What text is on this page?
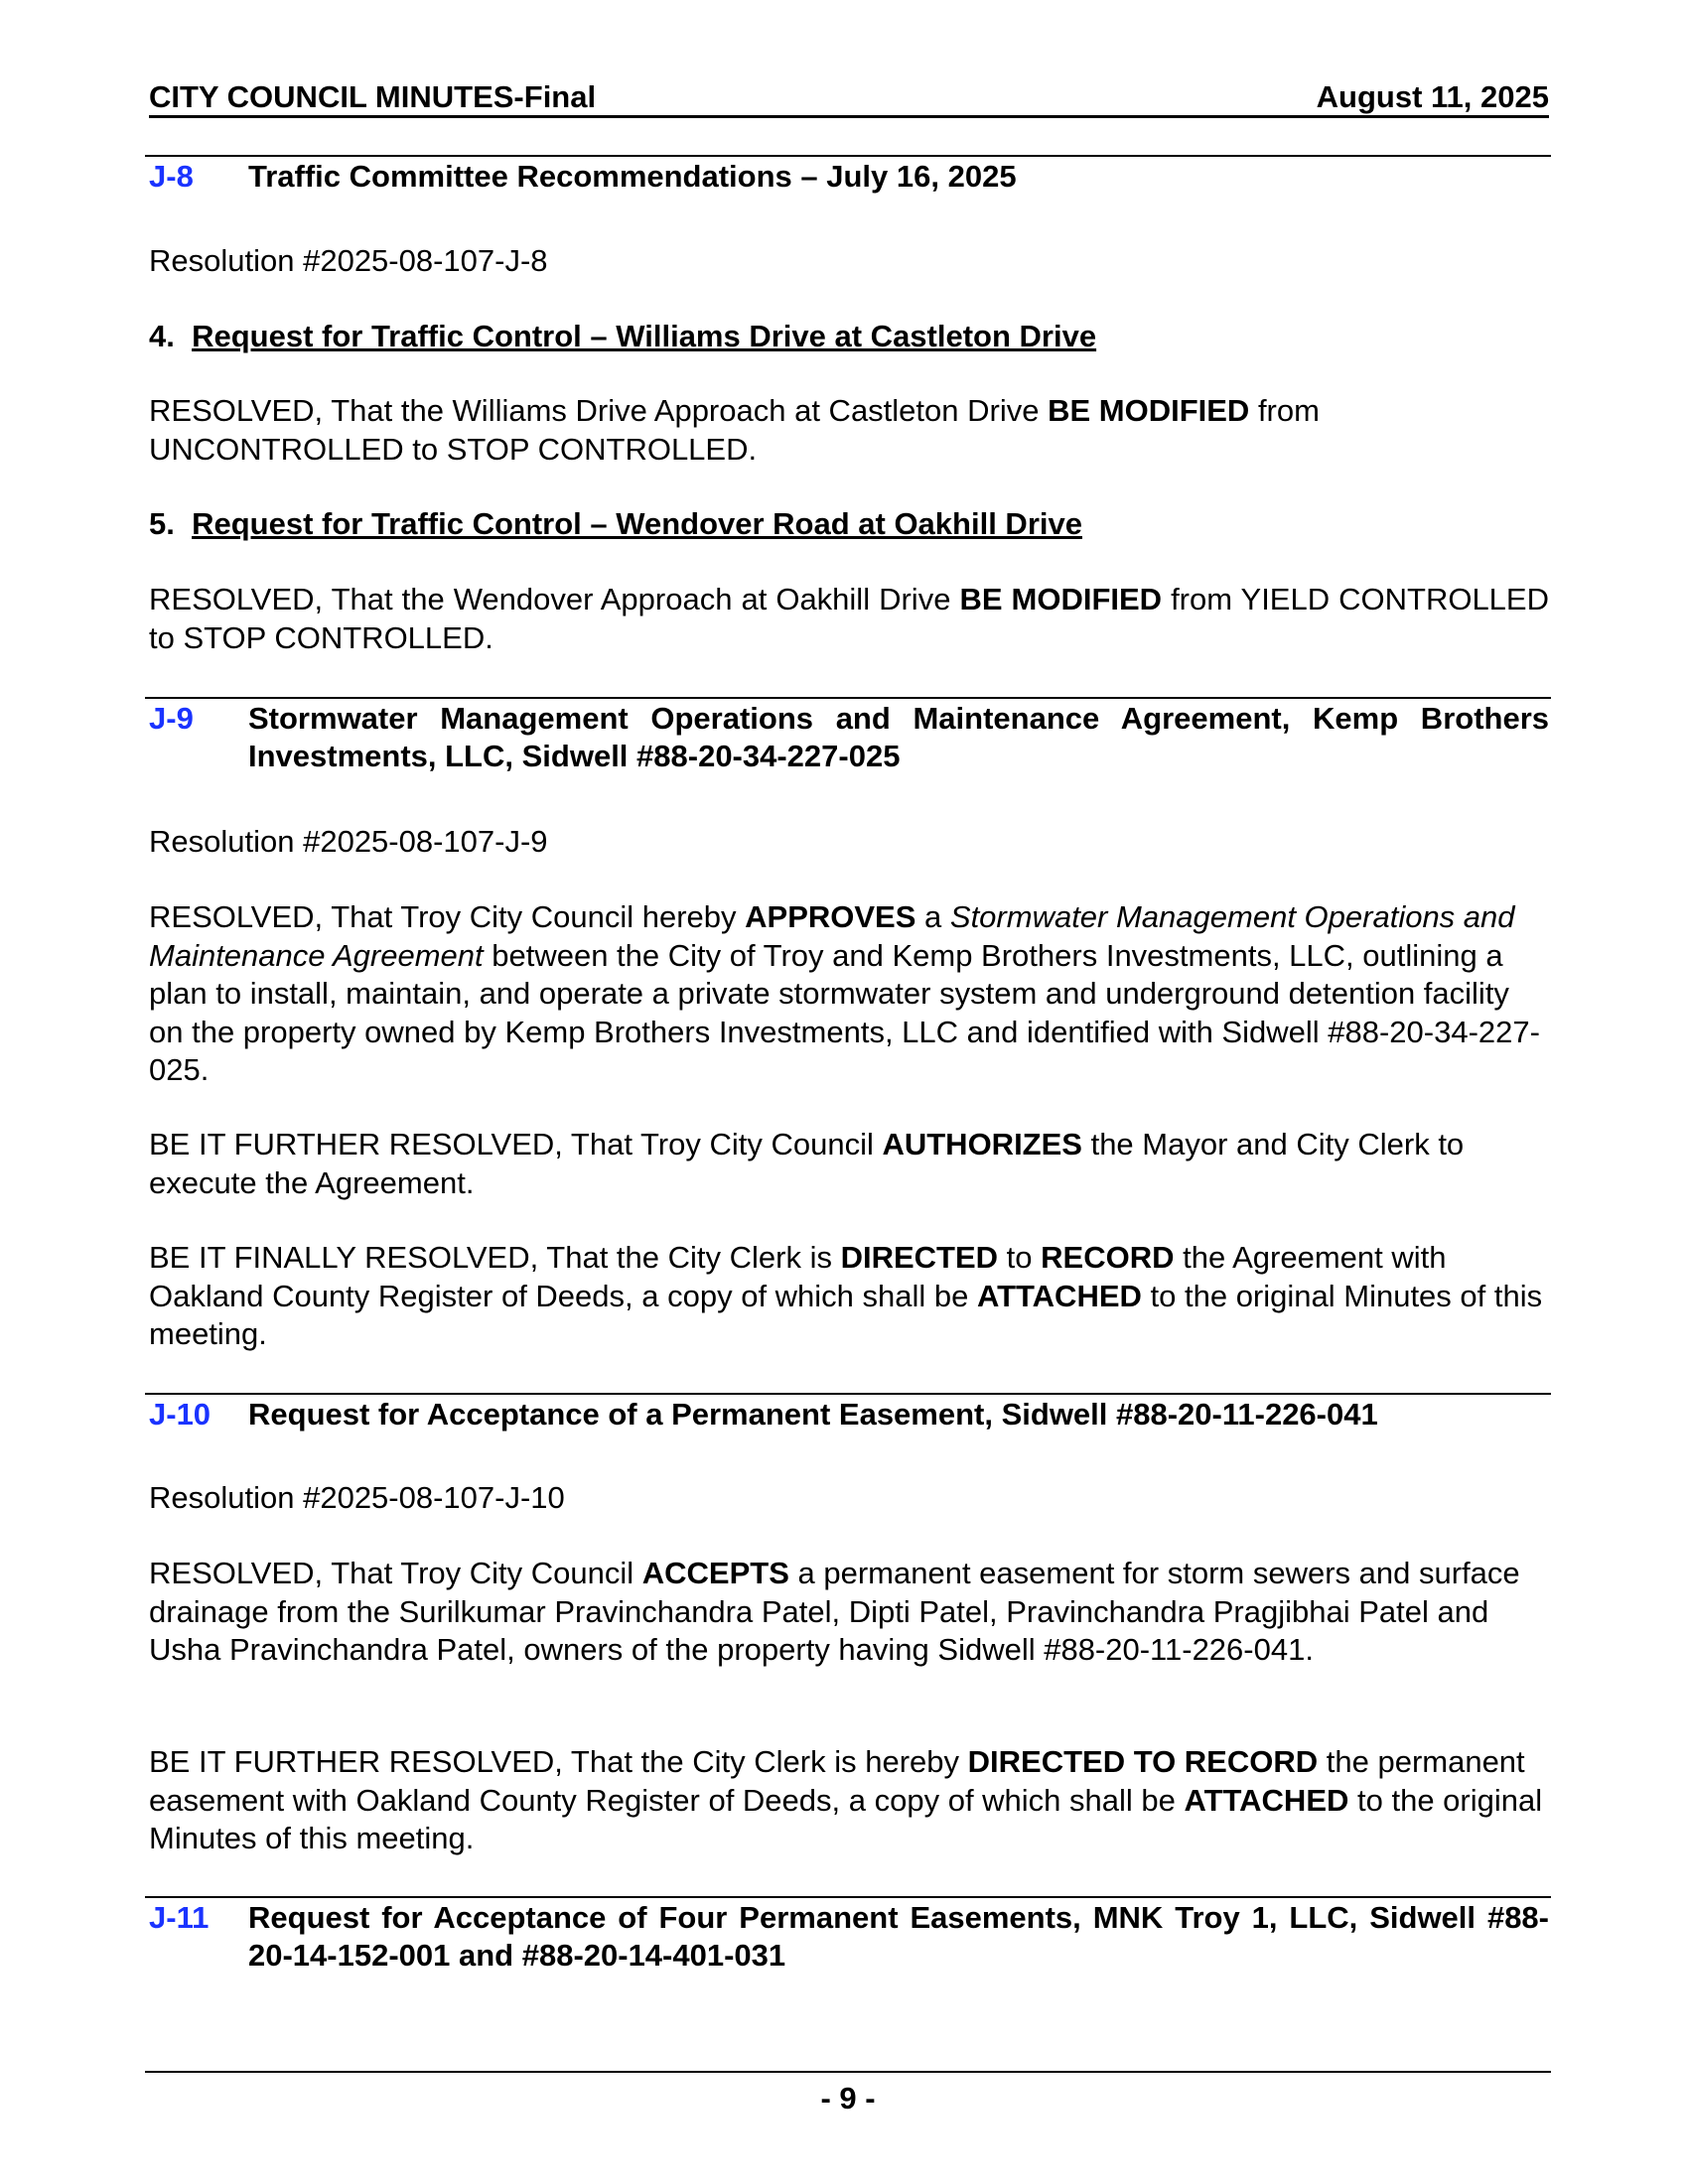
CITY COUNCIL MINUTES-Final	August 11, 2025
J-8	Traffic Committee Recommendations – July 16, 2025

Resolution #2025-08-107-J-8

4. Request for Traffic Control – Williams Drive at Castleton Drive

RESOLVED, That the Williams Drive Approach at Castleton Drive BE MODIFIED from UNCONTROLLED to STOP CONTROLLED.

5. Request for Traffic Control – Wendover Road at Oakhill Drive

RESOLVED, That the Wendover Approach at Oakhill Drive BE MODIFIED from YIELD CONTROLLED to STOP CONTROLLED.

J-9	Stormwater Management Operations and Maintenance Agreement, Kemp Brothers Investments, LLC, Sidwell #88-20-34-227-025

Resolution #2025-08-107-J-9

RESOLVED, That Troy City Council hereby APPROVES a Stormwater Management Operations and Maintenance Agreement between the City of Troy and Kemp Brothers Investments, LLC, outlining a plan to install, maintain, and operate a private stormwater system and underground detention facility on the property owned by Kemp Brothers Investments, LLC and identified with Sidwell #88-20-34-227-025.

BE IT FURTHER RESOLVED, That Troy City Council AUTHORIZES the Mayor and City Clerk to execute the Agreement.

BE IT FINALLY RESOLVED, That the City Clerk is DIRECTED to RECORD the Agreement with Oakland County Register of Deeds, a copy of which shall be ATTACHED to the original Minutes of this meeting.

J-10	Request for Acceptance of a Permanent Easement, Sidwell #88-20-11-226-041

Resolution #2025-08-107-J-10

RESOLVED, That Troy City Council ACCEPTS a permanent easement for storm sewers and surface drainage from the Surilkumar Pravinchandra Patel, Dipti Patel, Pravinchandra Pragjibhai Patel and Usha Pravinchandra Patel, owners of the property having Sidwell #88-20-11-226-041.

BE IT FURTHER RESOLVED, That the City Clerk is hereby DIRECTED TO RECORD the permanent easement with Oakland County Register of Deeds, a copy of which shall be ATTACHED to the original Minutes of this meeting.

J-11	Request for Acceptance of Four Permanent Easements, MNK Troy 1, LLC, Sidwell #88-20-14-152-001 and #88-20-14-401-031
- 9 -
